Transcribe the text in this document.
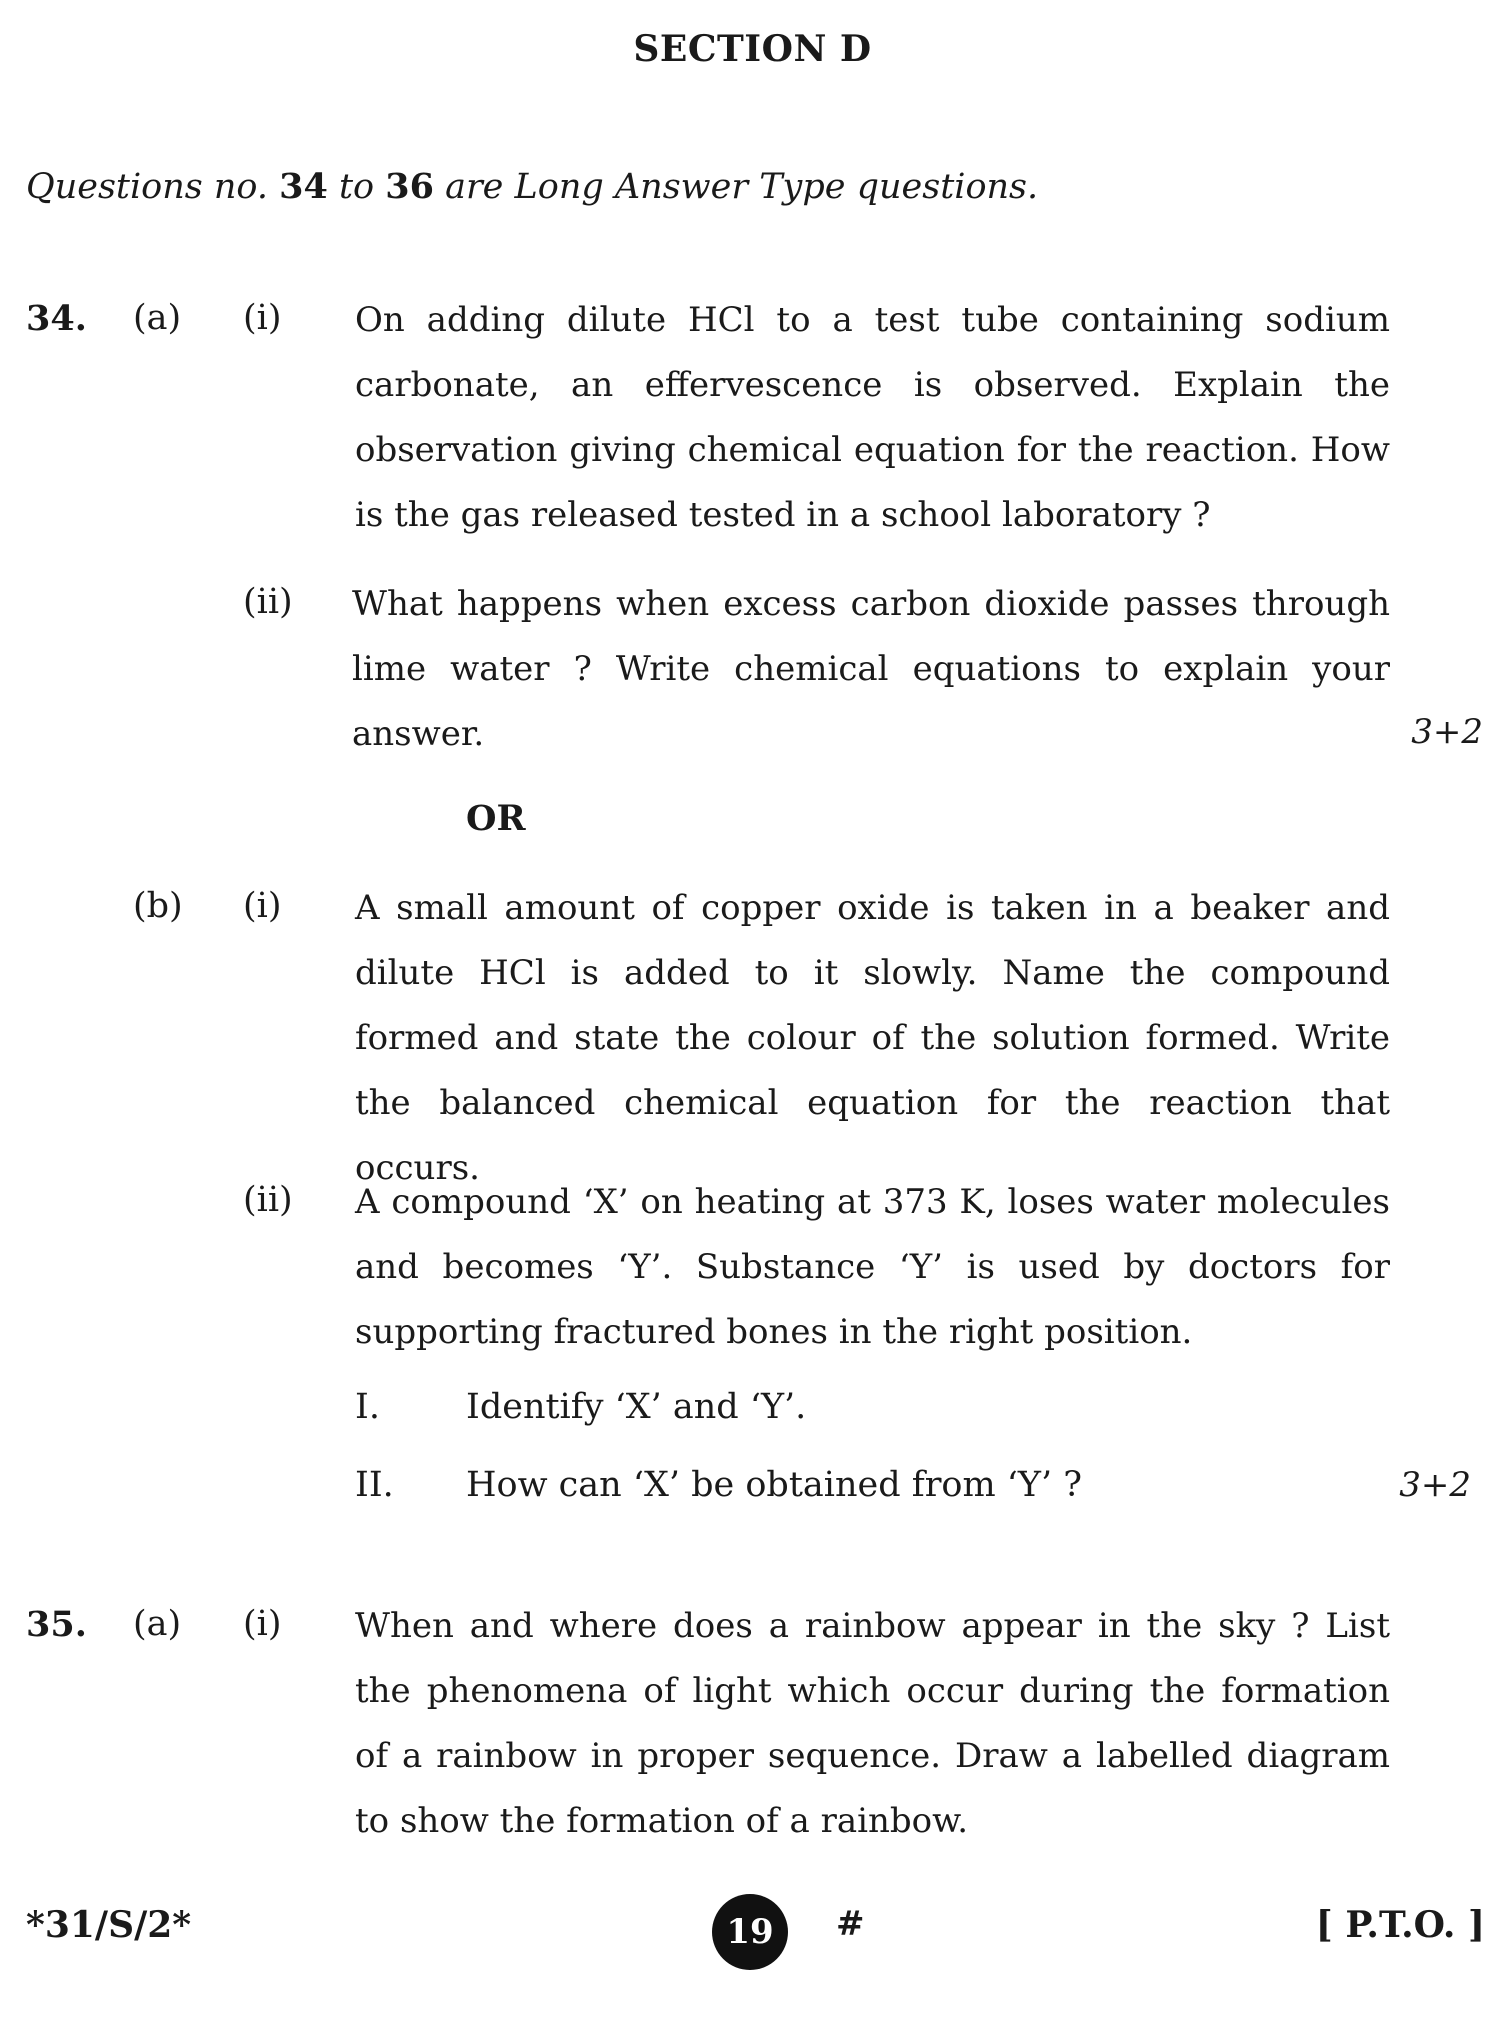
SECTION D
Questions no. 34 to 36 are Long Answer Type questions.
34. (a) (i) On adding dilute HCl to a test tube containing sodium carbonate, an effervescence is observed. Explain the observation giving chemical equation for the reaction. How is the gas released tested in a school laboratory ?
(ii) What happens when excess carbon dioxide passes through lime water ? Write chemical equations to explain your answer.	3+2
OR
(b) (i) A small amount of copper oxide is taken in a beaker and dilute HCl is added to it slowly. Name the compound formed and state the colour of the solution formed. Write the balanced chemical equation for the reaction that occurs.
(ii) A compound ‘X’ on heating at 373 K, loses water molecules and becomes ‘Y’. Substance ‘Y’ is used by doctors for supporting fractured bones in the right position.
I. Identify ‘X’ and ‘Y’.
II. How can ‘X’ be obtained from ‘Y’ ?	3+2
35. (a) (i) When and where does a rainbow appear in the sky ? List the phenomena of light which occur during the formation of a rainbow in proper sequence. Draw a labelled diagram to show the formation of a rainbow.
*31/S/2*	19	#	[ P.T.O. ]
